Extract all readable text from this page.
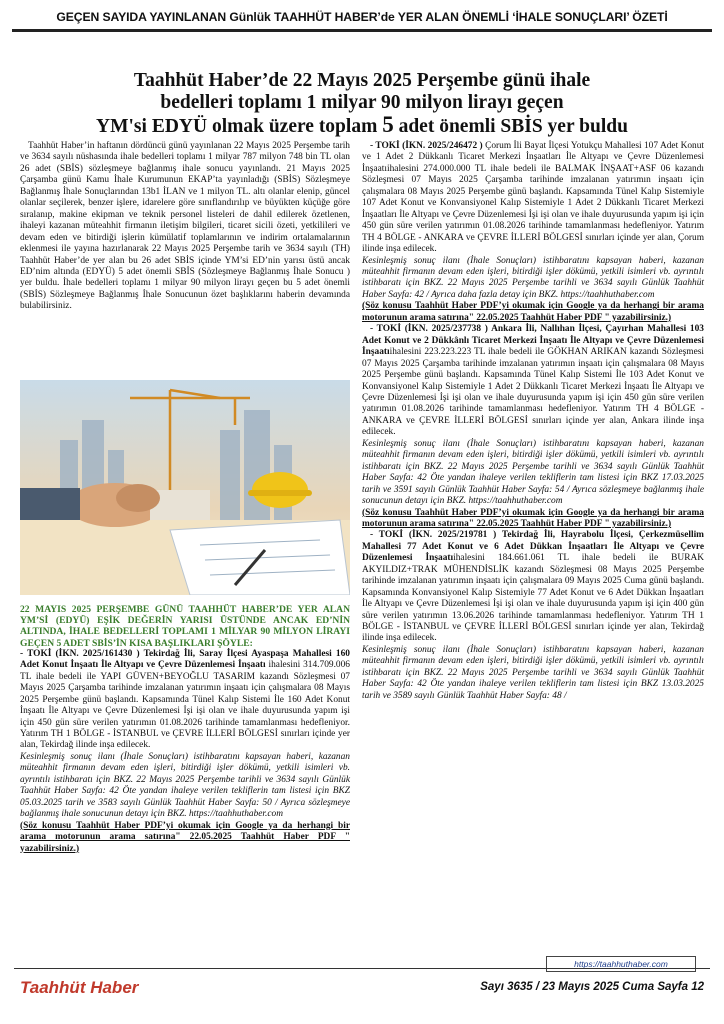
GEÇEN SAYIDA YAYINLANAN Günlük TAAHHÜT HABER’de YER ALAN ÖNEMLİ ‘İHALE SONUÇLARI’ ÖZETİ
Taahhüt Haber’de 22 Mayıs 2025 Perşembe günü ihale
bedelleri toplamı 1 milyar 90 milyon lirayı geçen
YM'si EDYÜ olmak üzere toplam 5 adet önemli SBİS yer buldu

Taahhüt Haber’in haftanın dördüncü günü yayınlanan 22 Mayıs 2025 Perşembe tarih ve 3634 sayılı nüshasında ihale bedelleri toplamı 1 milyar 787 milyon 748 bin TL olan 26 adet (SBİS) sözleşmeye bağlanmış ihale sonucu yayınlandı. 21 Mayıs 2025 Çarşamba günü Kamu İhale Kurumunun EKAP’ta yayınladığı (SBİS) Sözleşmeye Bağlanmış İhale Sonuçlarından 13b1 İLAN ve 1 milyon TL. altı olanlar elenip, güncel olanlar seçilerek, benzer işlere, idarelere göre sınıflandırılıp ve büyükten küçüğe göre sıralanıp, makine ekipman ve teknik personel listeleri de dahil edilerek özetlenen, ihaleyi kazanan müteahhit firmanın iletişim bilgileri, ticaret sicili özeti, yetkilileri ve devam eden ve bitirdiği işlerin kümülatif toplamlarının ve indirim ortalamalarının eklenmesi ile yayına hazırlanarak 22 Mayıs 2025 Perşembe tarih ve 3634 sayılı (TH) Taahhüt Haber’de yer alan bu 26 adet SBİS içinde YM’si ED’nin yarısı üstü ancak ED’nim altında (EDYÜ) 5 adet önemli SBİS (Sözleşmeye Bağlanmış İhale Sonucu ) yer buldu. İhale bedelleri toplamı 1 milyar 90 milyon lirayı geçen bu 5 adet önemli (SBİS) Sözleşmeye Bağlanmış İhale Sonucunun özet başlıklarını haberin devamında bulabilirsiniz.

22 MAYIS 2025 PERŞEMBE GÜNÜ TAAHHÜT HABER’DE YER ALAN YM’Sİ (EDYÜ) EŞİK DEĞERİN YARISI ÜSTÜNDE ANCAK ED’NİN ALTINDA, İHALE BEDELLERİ TOPLAMI 1 MİLYAR 90 MİLYON LİRAYI GEÇEN 5 ADET SBİS’İN KISA BAŞLIKLARI ŞÖYLE:

- TOKİ (İKN. 2025/161430 ) Tekirdağ İli, Saray İlçesi Ayaspaşa Mahallesi 160 Adet Konut İnşaatı İle Altyapı ve Çevre Düzenlemesi İnşaatı ihalesini 314.709.006 TL ihale bedeli ile YAPI GÜVEN+BEYOĞLU TASARIM kazandı Sözleşmesi 07 Mayıs 2025 Çarşamba tarihinde imzalanan yatırımın inşaatı için çalışmalara 08 Mayıs 2025 Perşembe günü başlandı. Kapsamında Tünel Kalıp Sistemi İle 160 Adet Konut İnşaatı İle Altyapı ve Çevre Düzenlemesi İşi işi olan ve ihale duyurusunda yapım işi için 450 gün süre verilen yatırımın 01.08.2026 tarihinde tamamlanması hedefleniyor. Yatırım TH 1 BÖLGE - İSTANBUL ve ÇEVRE İLLERİ BÖLGESİ sınırları içinde yer alan, Tekirdağ ilinde inşa edilecek.

Kesinleşmiş sonuç ilanı (İhale Sonuçları) istihbaratını kapsayan haberi, kazanan müteahhit firmanın devam eden işleri, bitirdiği işler dökümü, yetkili isimleri vb. ayrıntılı istihbaratı için BKZ. 22 Mayıs 2025 Perşembe tarihli ve 3634 sayılı Günlük Taahhüt Haber Sayfa: 42 Öte yandan ihaleye verilen tekliflerin tam listesi için BKZ 05.03.2025 tarih ve 3583 sayılı Günlük Taahhüt Haber Sayfa: 50 / Ayrıca sözleşmeye bağlanmış ihale sonucunun detayı için BKZ. https://taahhuthaber.com

(Söz konusu Taahhüt Haber PDF’yi okumak için Google ya da herhangi bir arama motorunun arama satırına" 22.05.2025 Taahhüt Haber PDF " yazabilirsiniz.)

- TOKİ (İKN. 2025/246472 ) Çorum İli Bayat İlçesi Yotukçu Mahallesi 107 Adet Konut ve 1 Adet 2 Dükkanlı Ticaret Merkezi İnşaatları İle Altyapı ve Çevre Düzenlemesi İnşaatıihalesini 274.000.000 TL ihale bedeli ile BALMAK İNŞAAT+ASF 06 kazandı Sözleşmesi 07 Mayıs 2025 Çarşamba tarihinde imzalanan yatırımın inşaatı için çalışmalara 08 Mayıs 2025 Perşembe günü başlandı. Kapsamında Tünel Kalıp Sistemiyle 107 Adet Konut ve Konvansiyonel Kalıp Sistemiyle 1 Adet 2 Dükkanlı Ticaret Merkezi İnşaatları İle Altyapı ve Çevre Düzenlemesi İşi işi olan ve ihale duyurusunda yapım işi için 450 gün süre verilen yatırımın 01.08.2026 tarihinde tamamlanması hedefleniyor. Yatırım TH 4 BÖLGE - ANKARA ve ÇEVRE İLLERİ BÖLGESİ sınırları içinde yer alan, Çorum ilinde inşa edilecek.

Kesinleşmiş sonuç ilanı (İhale Sonuçları) istihbaratını kapsayan haberi, kazanan müteahhit firmanın devam eden işleri, bitirdiği işler dökümü, yetkili isimleri vb. ayrıntılı istihbaratı için BKZ. 22 Mayıs 2025 Perşembe tarihli ve 3634 sayılı Günlük Taahhüt Haber Sayfa: 42 / Ayrıca daha fazla detay için BKZ. https://taahhuthaber.com

(Söz konusu Taahhüt Haber PDF’yi okumak için Google ya da herhangi bir arama motorunun arama satırına" 22.05.2025 Taahhüt Haber PDF " yazabilirsiniz.)

- TOKİ (İKN. 2025/237738 ) Ankara İli, Nallıhan İlçesi, Çayırhan Mahallesi 103 Adet Konut ve 2 Dükkânlı Ticaret Merkezi İnşaatı İle Altyapı ve Çevre Düzenlemesi İnşaatıihalesini 223.223.223 TL ihale bedeli ile GÖKHAN ARIKAN kazandı Sözleşmesi 07 Mayıs 2025 Çarşamba tarihinde imzalanan yatırımın inşaatı için çalışmalara 08 Mayıs 2025 Perşembe günü başlandı. Kapsamında Tünel Kalıp Sistemi İle 103 Adet Konut ve Konvansiyonel Kalıp Sistemiyle 1 Adet 2 Dükkanlı Ticaret Merkezi İnşaatı İle Altyapı ve Çevre Düzenlemesi İşi işi olan ve ihale duyurusunda yapım işi için 450 gün süre verilen yatırımın 01.08.2026 tarihinde tamamlanması hedefleniyor. Yatırım TH 4 BÖLGE - ANKARA ve ÇEVRE İLLERİ BÖLGESİ sınırları içinde yer alan, Ankara ilinde inşa edilecek.

Kesinleşmiş sonuç ilanı (İhale Sonuçları) istihbaratını kapsayan haberi, kazanan müteahhit firmanın devam eden işleri, bitirdiği işler dökümü, yetkili isimleri vb. ayrıntılı istihbaratı için BKZ. 22 Mayıs 2025 Perşembe tarihli ve 3634 sayılı Günlük Taahhüt Haber Sayfa: 42 Öte yandan ihaleye verilen tekliflerin tam listesi için BKZ 17.03.2025 tarih ve 3591 sayılı Günlük Taahhüt Haber Sayfa: 54 / Ayrıca sözleşmeye bağlanmış ihale sonucunun detayı için BKZ. https://taahhuthaber.com

(Söz konusu Taahhüt Haber PDF’yi okumak için Google ya da herhangi bir arama motorunun arama satırına" 22.05.2025 Taahhüt Haber PDF " yazabilirsiniz.)

- TOKİ (İKN. 2025/219781 ) Tekirdağ İli, Hayrabolu İlçesi, Çerkezmüsellim Mahallesi 77 Adet Konut ve 6 Adet Dükkan İnşaatları İle Altyapı ve Çevre Düzenlemesi İnşaatıihalesini 184.661.061 TL ihale bedeli ile BURAK AKYILDIZ+TRAK MÜHENDİSLİK kazandı Sözleşmesi 08 Mayıs 2025 Perşembe tarihinde imzalanan yatırımın inşaatı için çalışmalara 09 Mayıs 2025 Cuma günü başlandı. Kapsamında Konvansiyonel Kalıp Sistemiyle 77 Adet Konut ve 6 Adet Dükkan İnşaatları İle Altyapı ve Çevre Düzenlemesi İşi işi olan ve ihale duyurusunda yapım işi için 400 gün süre verilen yatırımın 13.06.2026 tarihinde tamamlanması hedefleniyor. Yatırım TH 1 BÖLGE - İSTANBUL ve ÇEVRE İLLERİ BÖLGESİ sınırları içinde yer alan, Tekirdağ ilinde inşa edilecek.

Kesinleşmiş sonuç ilanı (İhale Sonuçları) istihbaratını kapsayan haberi, kazanan müteahhit firmanın devam eden işleri, bitirdiği işler dökümü, yetkili isimleri vb. ayrıntılı istihbaratı için BKZ. 22 Mayıs 2025 Perşembe tarihli ve 3634 sayılı Günlük Taahhüt Haber Sayfa: 42 Öte yandan ihaleye verilen tekliflerin tam listesi için BKZ 13.03.2025 tarih ve 3589 sayılı Günlük Taahhüt Haber Sayfa: 48 /

https://taahhuthaber.com
Taahhüt Haber	Sayı 3635 / 23 Mayıs 2025 Cuma Sayfa 12
